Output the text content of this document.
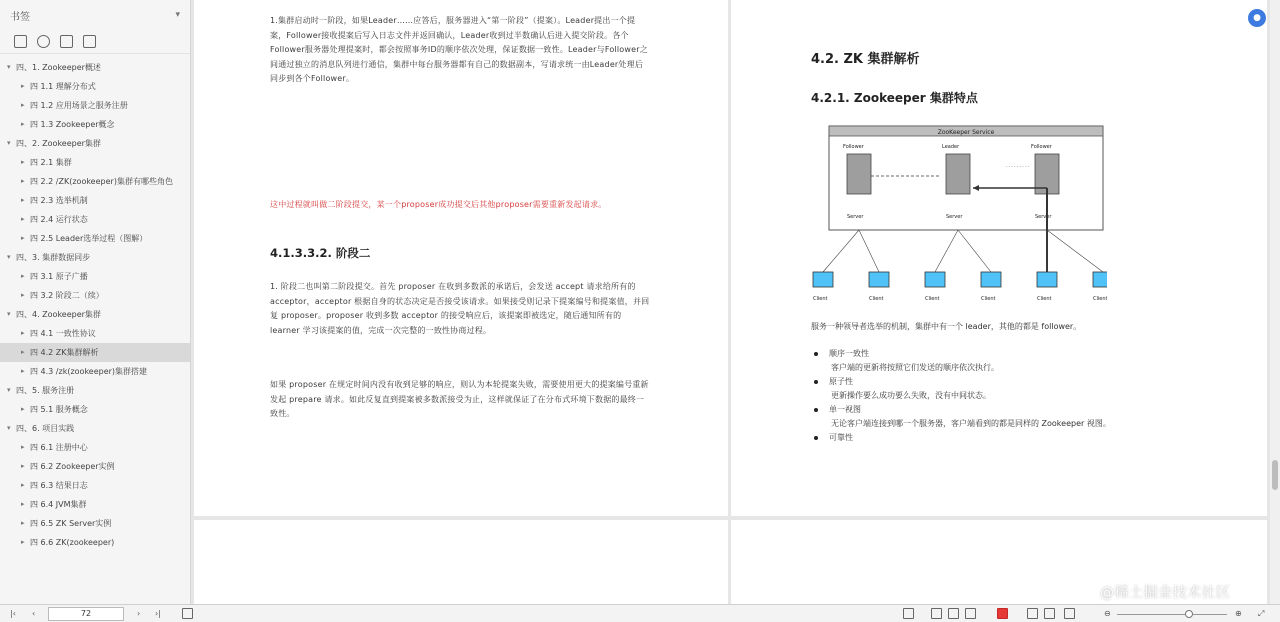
书签	▾
▾ 四、1. Zookeeper概述
▸ 四 1.1 理解分布式
▸ 四 1.2 应用场景之服务注册
▸ 四 1.3 Zookeeper概念
▾ 四、2. Zookeeper集群
▸ 四 2.1 集群
▸ 四 2.2 /ZK(zookeeper)集群有哪些角色
▸ 四 2.3 选举机制
▸ 四 2.4 运行状态
▸ 四 2.5 Leader选举过程（图解）
▾ 四、3. 集群数据同步
▸ 四 3.1 原子广播
▸ 四 3.2 阶段二（续）
▾ 四、4. Zookeeper集群
▸ 四 4.1 一致性协议
▸ 四 4.2 ZK集群解析
▸ 四 4.3 /zk(zookeeper)集群搭建
▾ 四、5. 服务注册
▸ 四 5.1 服务概念
▾ 四、6. 项目实践
▸ 四 6.1 注册中心
▸ 四 6.2 Zookeeper实例
▸ 四 6.3 结果日志
▸ 四 6.4 JVM集群
▸ 四 6.5 ZK Server实例
▸ 四 6.6 ZK(zookeeper)
1.集群启动时一阶段，如果Leader……应答后，服务器进入“第一阶段”（提案）。Leader提出一个提案，Follower接收提案后写入日志文件并返回确认，Leader收到过半数确认后进入提交阶段。各个Follower服务器处理提案时，都会按照事务ID的顺序依次处理，保证数据一致性。Leader与Follower之间通过独立的消息队列进行通信，集群中每台服务器都有自己的数据副本，写请求统一由Leader处理后同步到各个Follower。
这中过程就叫做二阶段提交，某一个proposer成功提交后其他proposer需要重新发起请求。
4.1.3.3.2. 阶段二
1. 阶段二也叫第二阶段提交。首先 proposer 在收到多数派的承诺后，会发送 accept 请求给所有的 acceptor，acceptor 根据自身的状态决定是否接受该请求。如果接受则记录下提案编号和提案值，并回复 proposer。proposer 收到多数 acceptor 的接受响应后，该提案即被选定，随后通知所有的 learner 学习该提案的值，完成一次完整的一致性协商过程。
如果 proposer 在规定时间内没有收到足够的响应，则认为本轮提案失败，需要使用更大的提案编号重新发起 prepare 请求。如此反复直到提案被多数派接受为止，这样就保证了在分布式环境下数据的最终一致性。
4.2. ZK 集群解析
4.2.1. Zookeeper 集群特点
ZooKeeper Service
Follower
Server
Leader
Server
Follower
Server
- - - - - - - - -
Client	Client	Client	Client	Client	Client
服务一种领导者选举的机制，集群中有一个 leader，其他的都是 follower。
顺序一致性
客户端的更新将按照它们发送的顺序依次执行。
原子性
更新操作要么成功要么失败，没有中间状态。
单一视图
无论客户端连接到哪一个服务器，客户端看到的都是同样的 Zookeeper 视图。
可靠性
●
|‹ ‹	72	› ›|	⊖	⊕ ⤢
@稀土掘金技术社区
